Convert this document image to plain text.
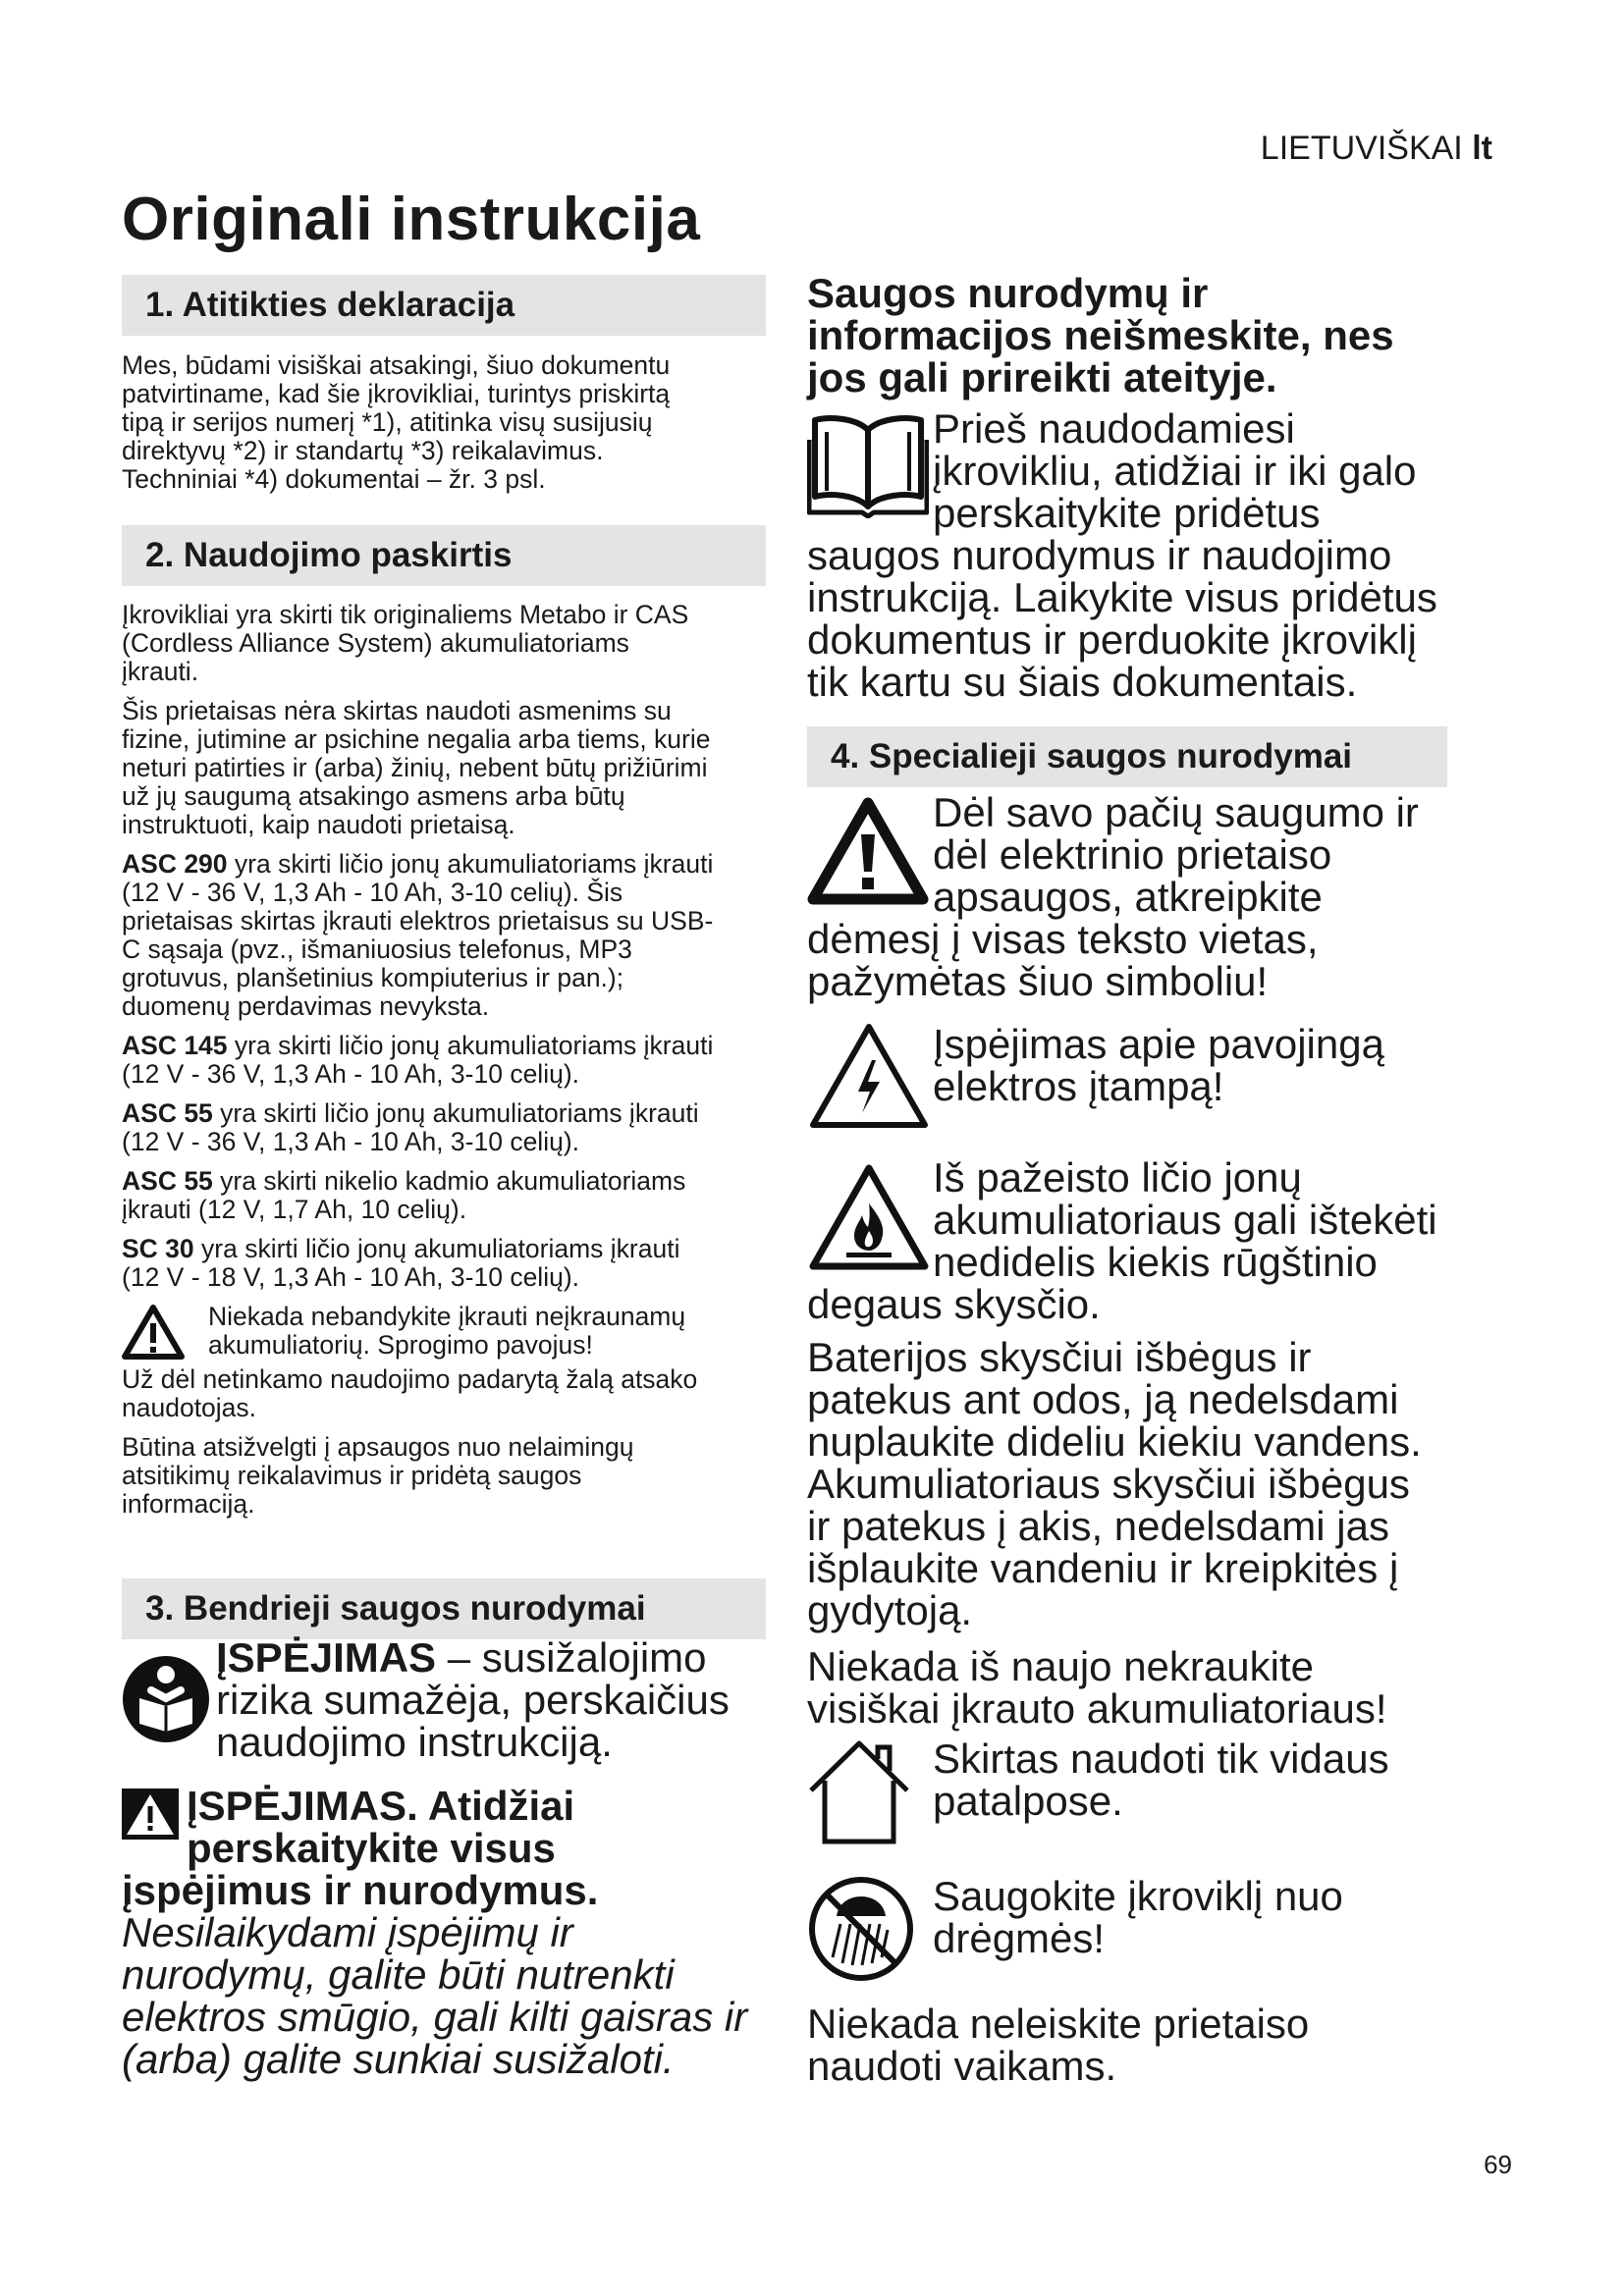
LIETUVIŠKAI lt
Originali instrukcija
1. Atitikties deklaracija
Mes, būdami visiškai atsakingi, šiuo dokumentu
patvirtiname, kad šie įkrovikliai, turintys priskirtą
tipą ir serijos numerį *1), atitinka visų susijusių
direktyvų *2) ir standartų *3) reikalavimus.
Techniniai *4) dokumentai – žr. 3 psl.
2. Naudojimo paskirtis
Įkrovikliai yra skirti tik originaliems Metabo ir CAS
(Cordless Alliance System) akumuliatoriams
įkrauti.
Šis prietaisas nėra skirtas naudoti asmenims su
fizine, jutimine ar psichine negalia arba tiems, kurie
neturi patirties ir (arba) žinių, nebent būtų prižiūrimi
už jų saugumą atsakingo asmens arba būtų
instruktuoti, kaip naudoti prietaisą.
ASC 290 yra skirti ličio jonų akumuliatoriams įkrauti
(12 V - 36 V, 1,3 Ah - 10 Ah, 3-10 celių). Šis
prietaisas skirtas įkrauti elektros prietaisus su USB-
C sąsaja (pvz., išmaniuosius telefonus, MP3
grotuvus, planšetinius kompiuterius ir pan.);
duomenų perdavimas nevyksta.
ASC 145 yra skirti ličio jonų akumuliatoriams įkrauti
(12 V - 36 V, 1,3 Ah - 10 Ah, 3-10 celių).
ASC 55 yra skirti ličio jonų akumuliatoriams įkrauti
(12 V - 36 V, 1,3 Ah - 10 Ah, 3-10 celių).
ASC 55 yra skirti nikelio kadmio akumuliatoriams
įkrauti (12 V, 1,7 Ah, 10 celių).
SC 30 yra skirti ličio jonų akumuliatoriams įkrauti
(12 V - 18 V, 1,3 Ah - 10 Ah, 3-10 celių).
Niekada nebandykite įkrauti neįkraunamų
akumuliatorių. Sprogimo pavojus!
Už dėl netinkamo naudojimo padarytą žalą atsako
naudotojas.
Būtina atsižvelgti į apsaugos nuo nelaimingų
atsitikimų reikalavimus ir pridėtą saugos
informaciją.
3. Bendrieji saugos nurodymai
ĮSPĖJIMAS – susižalojimo
rizika sumažėja, perskaičius
naudojimo instrukciją.
ĮSPĖJIMAS. Atidžiai
perskaitykite visus
įspėjimus ir nurodymus.
Nesilaikydami įspėjimų ir
nurodymų, galite būti nutrenkti
elektros smūgio, gali kilti gaisras ir
(arba) galite sunkiai susižaloti.
Saugos nurodymų ir
informacijos neišmeskite, nes
jos gali prireikti ateityje.
Prieš naudodamiesi
įkrovikliu, atidžiai ir iki galo
perskaitykite pridėtus
saugos nurodymus ir naudojimo
instrukciją. Laikykite visus pridėtus
dokumentus ir perduokite įkroviklį
tik kartu su šiais dokumentais.
4. Specialieji saugos nurodymai
Dėl savo pačių saugumo ir
dėl elektrinio prietaiso
apsaugos, atkreipkite
dėmesį į visas teksto vietas,
pažymėtas šiuo simboliu!
Įspėjimas apie pavojingą
elektros įtampą!
Iš pažeisto ličio jonų
akumuliatoriaus gali ištekėti
nedidelis kiekis rūgštinio
degaus skysčio.
Baterijos skysčiui išbėgus ir
patekus ant odos, ją nedelsdami
nuplaukite dideliu kiekiu vandens.
Akumuliatoriaus skysčiui išbėgus
ir patekus į akis, nedelsdami jas
išplaukite vandeniu ir kreipkitės į
gydytoją.
Niekada iš naujo nekraukite
visiškai įkrauto akumuliatoriaus!
Skirtas naudoti tik vidaus
patalpose.
Saugokite įkroviklį nuo
drėgmės!
Niekada neleiskite prietaiso
naudoti vaikams.
69
